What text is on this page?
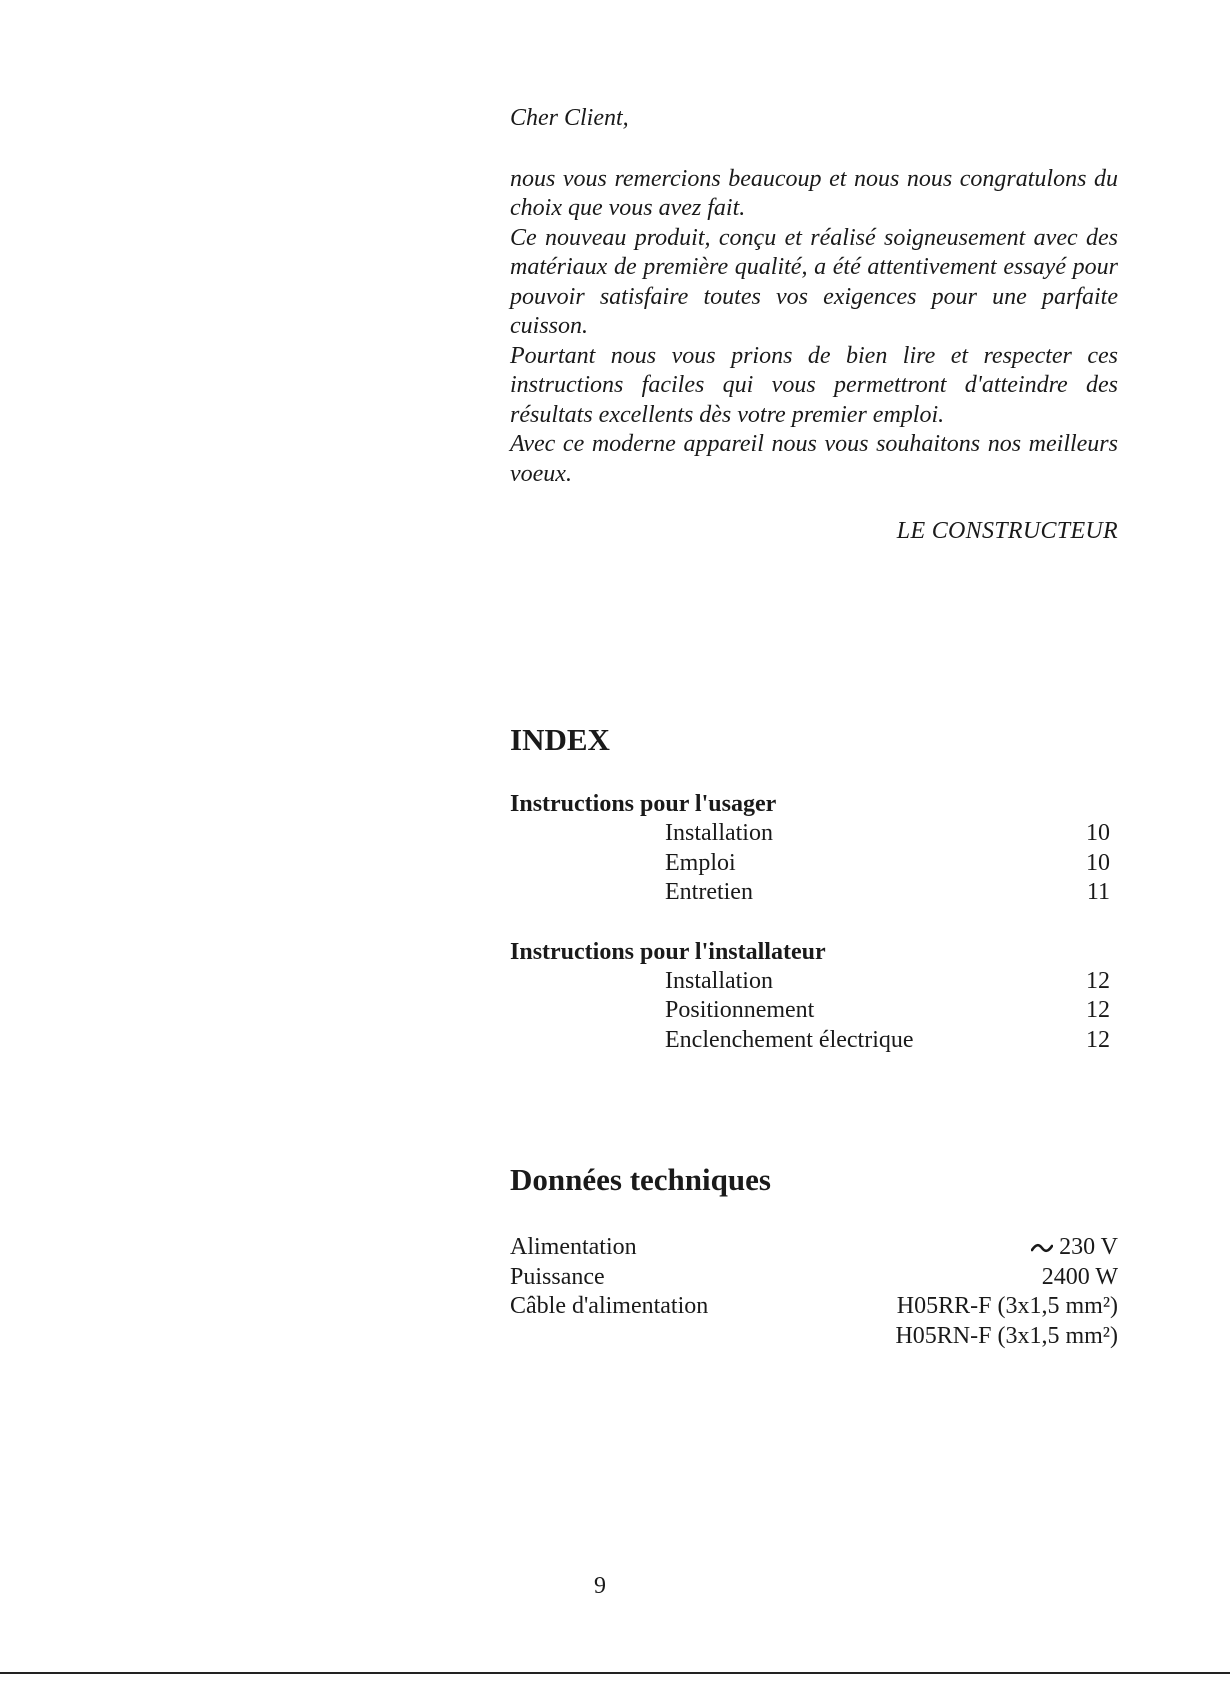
Cher Client,

nous vous remercions beaucoup et nous nous congratulons du choix que vous avez fait.

Ce nouveau produit, conçu et réalisé soigneusement avec des matériaux de première qualité, a été attentivement essayé pour pouvoir satisfaire toutes vos exigences pour une parfaite cuisson.

Pourtant nous vous prions de bien lire et respecter ces instructions faciles qui vous permettront d'atteindre des résultats excellents dès votre premier emploi.

Avec ce moderne appareil nous vous souhaitons nos meilleurs voeux.

LE CONSTRUCTEUR
INDEX
Instructions pour l'usager
Installation	10
Emploi	10
Entretien	11
Instructions pour l'installateur
Installation	12
Positionnement	12
Enclenchement électrique	12
Données techniques
Alimentation	230 V
Puissance	2400 W
Câble d'alimentation	H05RR-F (3x1,5 mm²)
H05RN-F (3x1,5 mm²)
9
